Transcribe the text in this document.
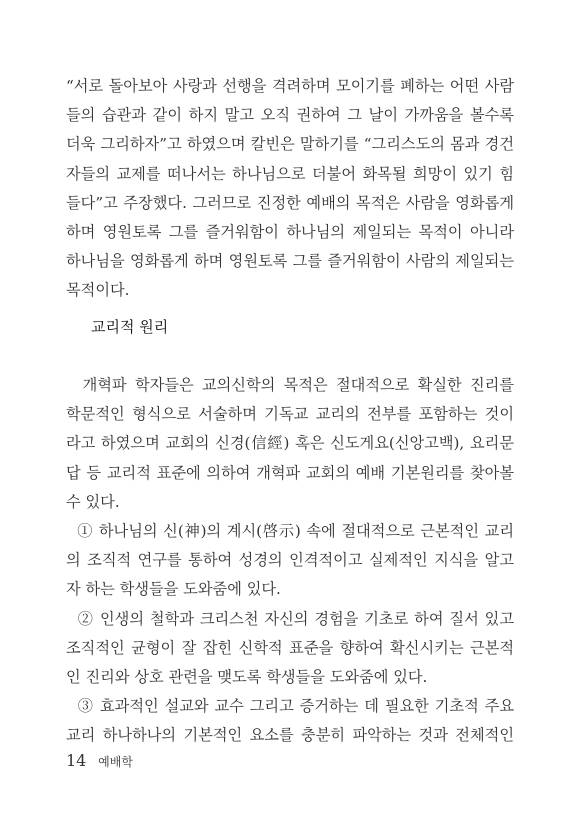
“서로 돌아보아 사랑과 선행을 격려하며 모이기를 폐하는 어떤 사람
들의 습관과 같이 하지 말고 오직 권하여 그 날이 가까움을 볼수록
더욱 그리하자”고 하였으며 칼빈은 말하기를 “그리스도의 몸과 경건
자들의 교제를 떠나서는 하나님으로 더불어 화목될 희망이 있기 힘
들다”고 주장했다. 그러므로 진정한 예배의 목적은 사람을 영화롭게
하며 영원토록 그를 즐거워함이 하나님의 제일되는 목적이 아니라
하나님을 영화롭게 하며 영원토록 그를 즐거워함이 사람의 제일되는
목적이다.
교리적 원리
개혁파 학자들은 교의신학의 목적은 절대적으로 확실한 진리를
학문적인 형식으로 서술하며 기독교 교리의 전부를 포함하는 것이
라고 하였으며 교회의 신경(信經) 혹은 신도게요(신앙고백), 요리문
답 등 교리적 표준에 의하여 개혁파 교회의 예배 기본원리를 찾아볼
수 있다.
① 하나님의 신(神)의 계시(啓示) 속에 절대적으로 근본적인 교리
의 조직적 연구를 통하여 성경의 인격적이고 실제적인 지식을 알고
자 하는 학생들을 도와줌에 있다.
② 인생의 철학과 크리스천 자신의 경험을 기초로 하여 질서 있고
조직적인 균형이 잘 잡힌 신학적 표준을 향하여 확신시키는 근본적
인 진리와 상호 관련을 맺도록 학생들을 도와줌에 있다.
③ 효과적인 설교와 교수 그리고 증거하는 데 필요한 기초적 주요
교리 하나하나의 기본적인 요소를 충분히 파악하는 것과 전체적인
14 예배학
